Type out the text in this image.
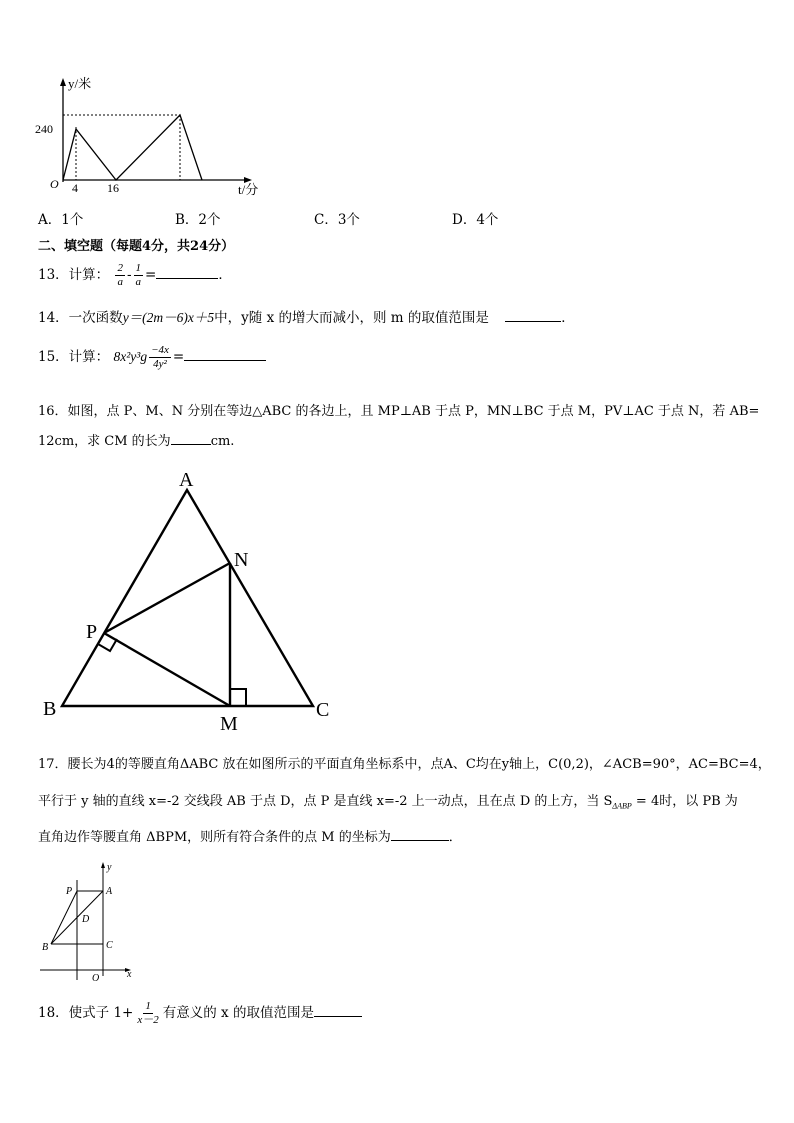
y/米
240
O 4 16	t/分
A．1个	B．2个	C．3个	D．4个
二、填空题（每题4分，共24分）
13．计算： $\frac{2}{a} - \frac{1}{a}$ =	．
14．一次函数y＝(2m－6)x＋5中，y随 x 的增大而减小，则 m 的取值范围是	．
15．计算： $8x^2y^3g \frac{-4x}{\text{4y²}}$ =
16．如图，点 P、M、N 分别在等边△ABC 的各边上，且 MP⊥AB 于点 P，MN⊥BC 于点 M，PV⊥AC 于点 N，若 AB=
12cm，求 CM 的长为	cm.
A
N
P
B
M
C
17．腰长为4的等腰直角ΔABC 放在如图所示的平面直角坐标系中，点A、C均在y轴上，C(0,2)，∠ACB=90°，AC=BC=4，
平行于 y 轴的直线 x=-2 交线段 AB 于点 D，点 P 是直线 x=-2 上一动点，且在点 D 的上方，当 $S_{\Delta ABP} = 4$时，以 PB 为
直角边作等腰直角 ΔBPM，则所有符合条件的点 M 的坐标为	．
y
P	A
D
B	C
O	x
18．使式子 $1+ \frac{1}{x-2}$ 有意义的 x 的取值范围是
